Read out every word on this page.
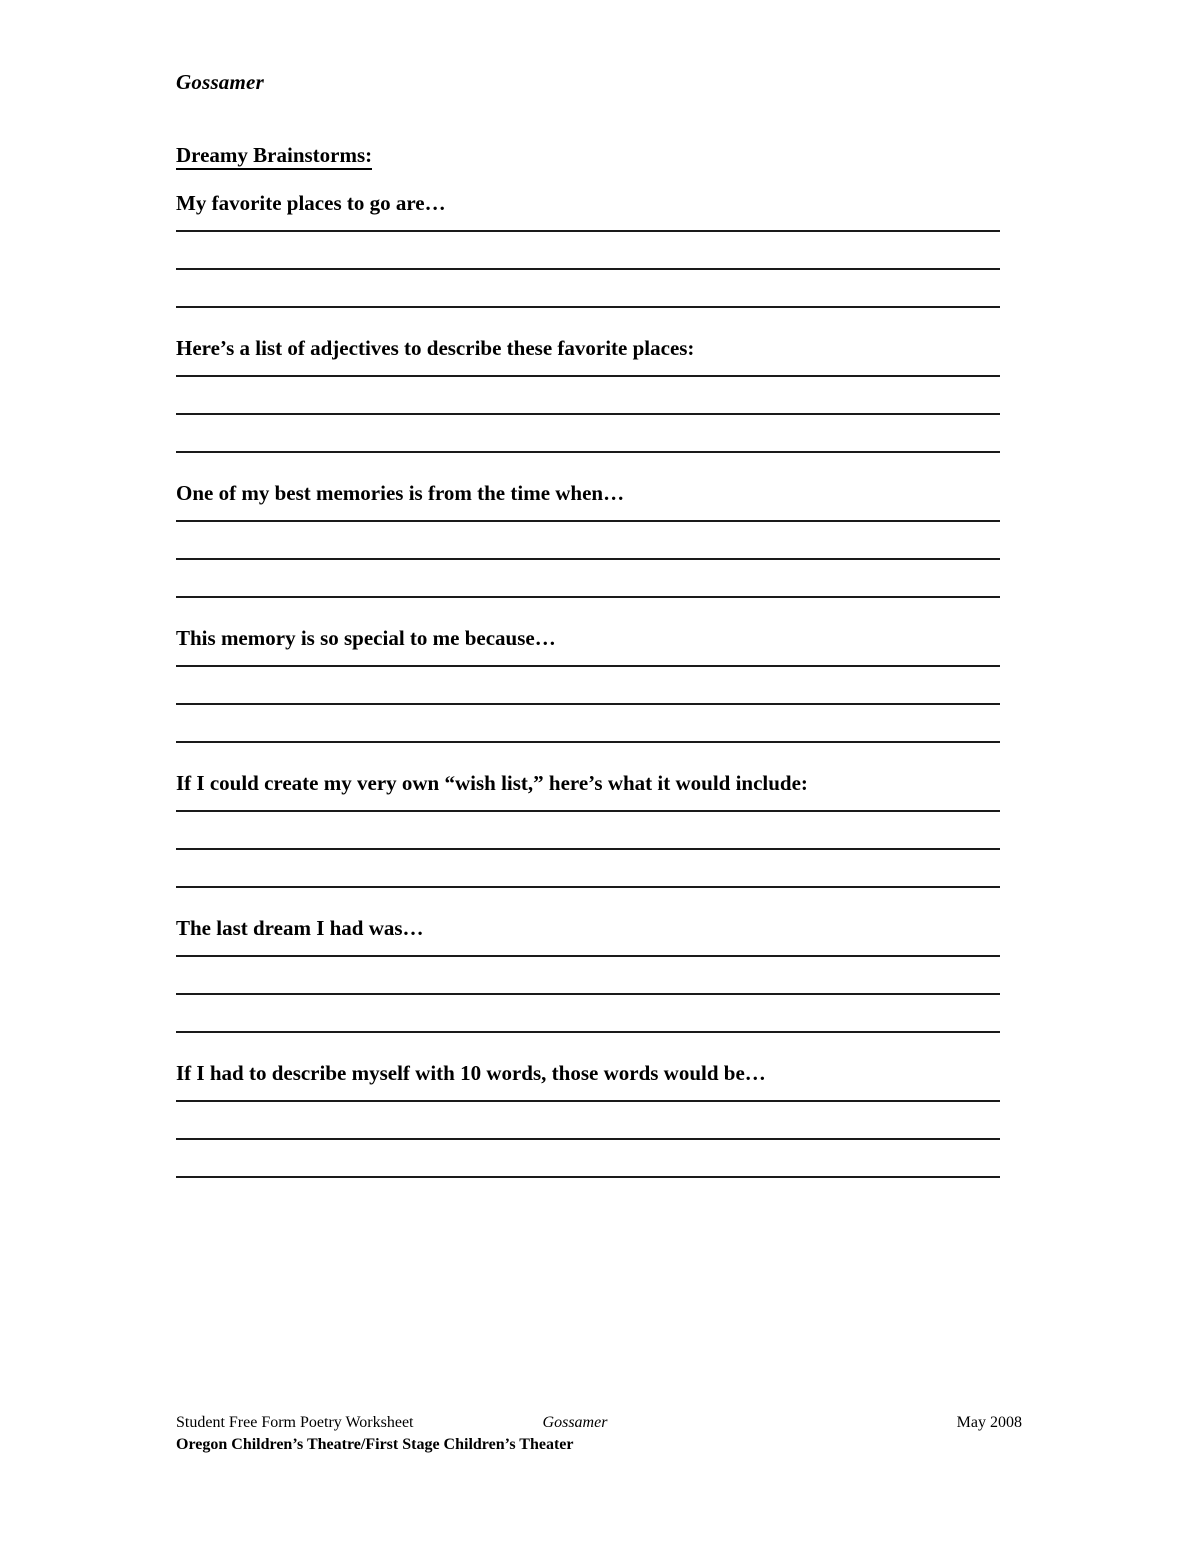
Gossamer
Dreamy Brainstorms:
My favorite places to go are…
Here’s a list of adjectives to describe these favorite places:
One of my best memories is from the time when…
This memory is so special to me because…
If I could create my very own “wish list,” here’s what it would include:
The last dream I had was…
If I had to describe myself with 10 words, those words would be…
Student Free Form Poetry Worksheet	Gossamer	May 2008
Oregon Children’s Theatre/First Stage Children’s Theater
